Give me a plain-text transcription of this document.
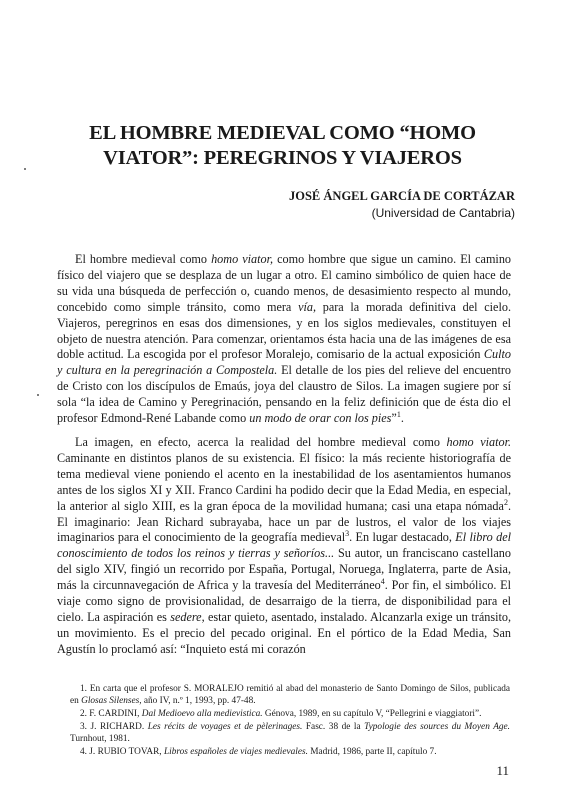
EL HOMBRE MEDIEVAL COMO “HOMO
VIATOR”: PEREGRINOS Y VIAJEROS
JOSÉ ÁNGEL GARCÍA DE CORTÁZAR
(Universidad de Cantabria)

El hombre medieval como homo viator, como hombre que sigue un camino. El camino físico del viajero que se desplaza de un lugar a otro. El camino simbólico de quien hace de su vida una búsqueda de perfección o, cuando menos, de desasimiento respecto al mundo, concebido como simple tránsito, como mera vía, para la morada definitiva del cielo. Viajeros, peregrinos en esas dos dimensiones, y en los siglos medievales, constituyen el objeto de nuestra atención. Para comenzar, orientamos ésta hacia una de las imágenes de esa doble actitud. La escogida por el profesor Moralejo, comisario de la actual exposición Culto y cultura en la peregrinación a Compostela. El detalle de los pies del relieve del encuentro de Cristo con los discípulos de Emaús, joya del claustro de Silos. La imagen sugiere por sí sola “la idea de Camino y Peregrinación, pensando en la feliz definición que de ésta dio el profesor Edmond-René Labande como un modo de orar con los pies”$^1$.

La imagen, en efecto, acerca la realidad del hombre medieval como homo viator. Caminante en distintos planos de su existencia. El físico: la más reciente historiografía de tema medieval viene poniendo el acento en la inestabilidad de los asentamientos humanos antes de los siglos XI y XII. Franco Cardini ha podido decir que la Edad Media, en especial, la anterior al siglo XIII, es la gran época de la movilidad humana; casi una etapa nómada$^2$. El imaginario: Jean Richard subrayaba, hace un par de lustros, el valor de los viajes imaginarios para el conocimiento de la geografía medieval$^3$. En lugar destacado, El libro del conoscimiento de todos los reinos y tierras y señoríos... Su autor, un franciscano castellano del siglo XIV, fingió un recorrido por España, Portugal, Noruega, Inglaterra, parte de Asia, más la circunnavegación de Africa y la travesía del Mediterráneo$^4$. Por fin, el simbólico. El viaje como signo de provisionalidad, de desarraigo de la tierra, de disponibilidad para el cielo. La aspiración es sedere, estar quieto, asentado, instalado. Alcanzarla exige un tránsito, un movimiento. Es el precio del pecado original. En el pórtico de la Edad Media, San Agustín lo proclamó así: “Inquieto está mi corazón

1. En carta que el profesor S. MORALEJO remitió al abad del monasterio de Santo Domingo de Silos, publicada en Glosas Silenses, año IV, n.º 1, 1993, pp. 47-48.

2. F. CARDINI, Dal Medioevo alla medievistica. Génova, 1989, en su capítulo V, “Pellegrini e viaggiatori”.

3. J. RICHARD. Les récits de voyages et de pèlerinages. Fasc. 38 de la Typologie des sources du Moyen Age. Turnhout, 1981.

4. J. RUBIO TOVAR, Libros españoles de viajes medievales. Madrid, 1986, parte II, capítulo 7.

11
